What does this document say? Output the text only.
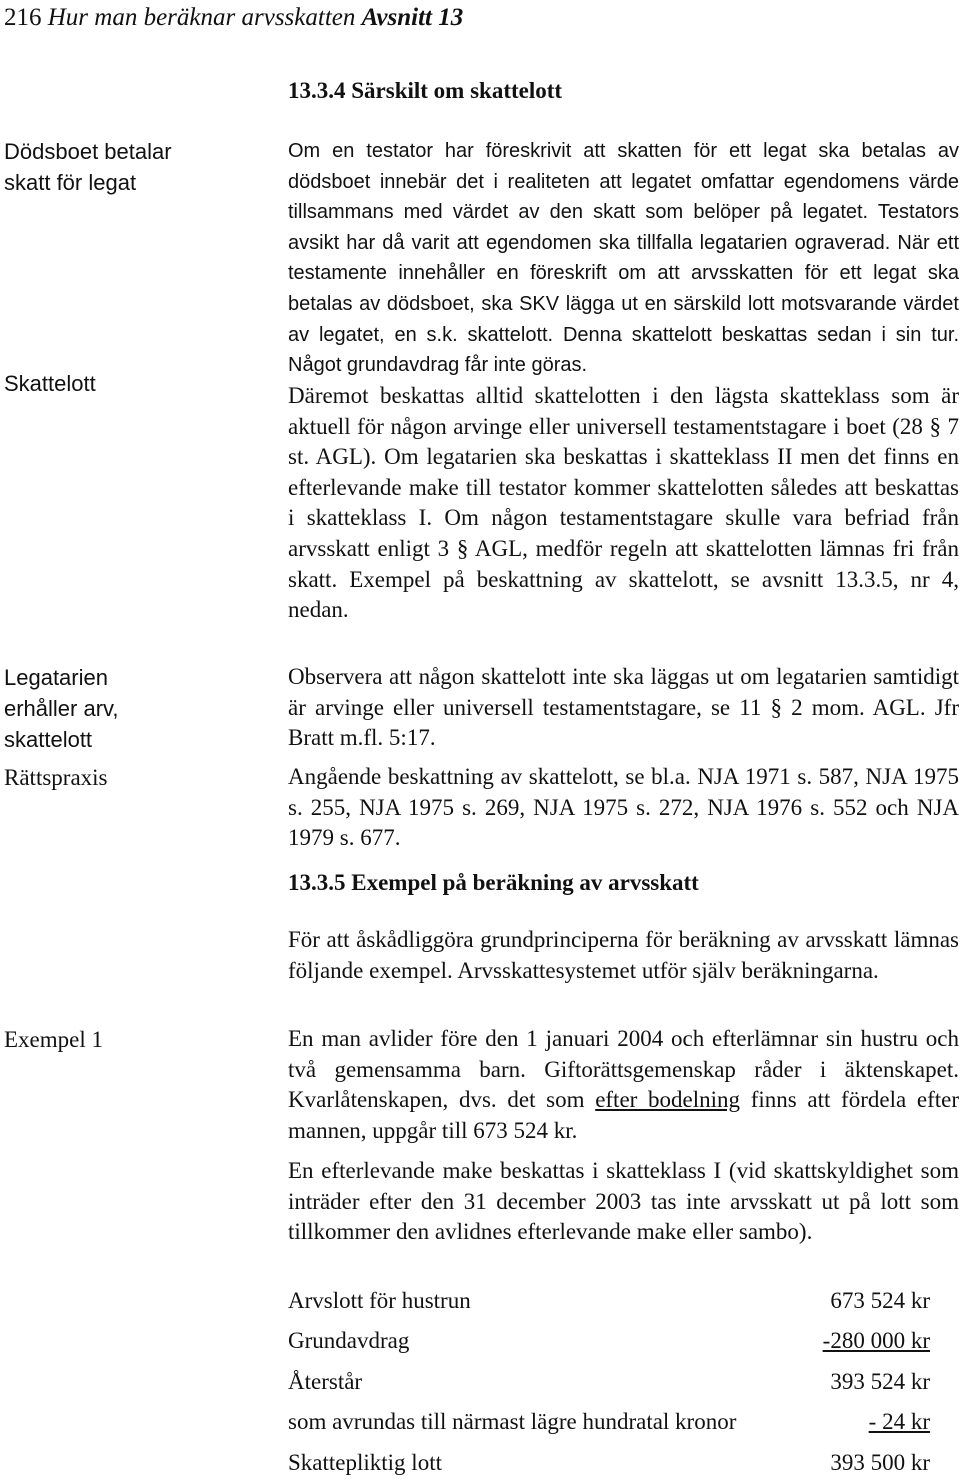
216 Hur man beräknar arvsskatten Avsnitt 13
13.3.4 Särskilt om skattelott
Dödsboet betalar skatt för legat
Skattelott
Legatarien erhåller arv, skattelott
Rättspraxis
Exempel 1
Om en testator har föreskrivit att skatten för ett legat ska betalas av dödsboet innebär det i realiteten att legatet omfattar egendomens värde tillsammans med värdet av den skatt som belöper på legatet. Testators avsikt har då varit att egendomen ska tillfalla legatarien ograverad. När ett testamente innehåller en föreskrift om att arvsskatten för ett legat ska betalas av dödsboet, ska SKV lägga ut en särskild lott motsvarande värdet av legatet, en s.k. skattelott. Denna skattelott beskattas sedan i sin tur. Något grundavdrag får inte göras.
Däremot beskattas alltid skattelotten i den lägsta skatteklass som är aktuell för någon arvinge eller universell testamentstagare i boet (28 § 7 st. AGL). Om legatarien ska beskattas i skatteklass II men det finns en efterlevande make till testator kommer skattelotten således att beskattas i skatteklass I. Om någon testamentstagare skulle vara befriad från arvsskatt enligt 3 § AGL, medför regeln att skattelotten lämnas fri från skatt. Exempel på beskattning av skattelott, se avsnitt 13.3.5, nr 4, nedan.
Observera att någon skattelott inte ska läggas ut om legatarien samtidigt är arvinge eller universell testamentstagare, se 11 § 2 mom. AGL. Jfr Bratt m.fl. 5:17.
Angående beskattning av skattelott, se bl.a. NJA 1971 s. 587, NJA 1975 s. 255, NJA 1975 s. 269, NJA 1975 s. 272, NJA 1976 s. 552 och NJA 1979 s. 677.
13.3.5 Exempel på beräkning av arvsskatt
För att åskådliggöra grundprinciperna för beräkning av arvsskatt lämnas följande exempel. Arvsskattesystemet utför själv beräkningarna.
En man avlider före den 1 januari 2004 och efterlämnar sin hustru och två gemensamma barn. Giftorättsgemenskap råder i äktenskapet. Kvarlåtenskapen, dvs. det som efter bodelning finns att fördela efter mannen, uppgår till 673 524 kr.
En efterlevande make beskattas i skatteklass I (vid skattskyldighet som inträder efter den 31 december 2003 tas inte arvsskatt ut på lott som tillkommer den avlidnes efterlevande make eller sambo).
Arvslott för hustrun	673 524 kr
Grundavdrag	-280 000 kr
Återstår	393 524 kr
som avrundas till närmast lägre hundratal kronor	- 24 kr
Skattepliktig lott	393 500 kr
